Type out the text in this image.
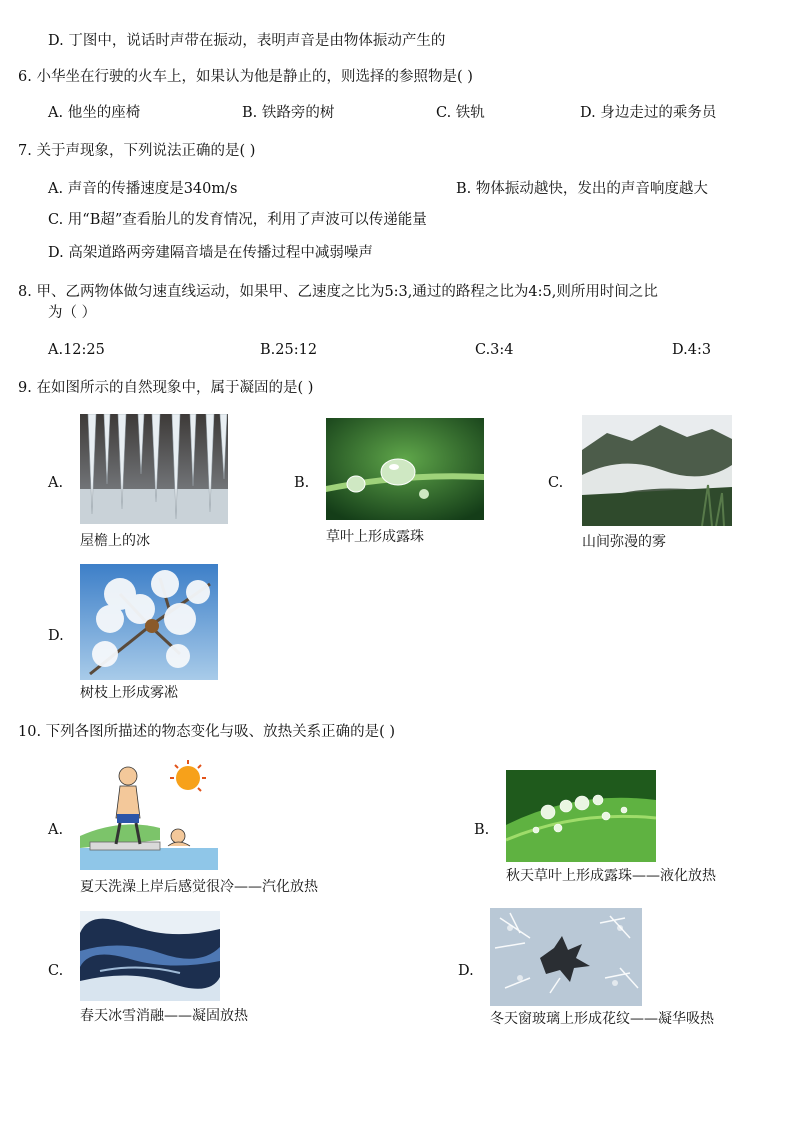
D. 丁图中，说话时声带在振动，表明声音是由物体振动产生的
6. 小华坐在行驶的火车上，如果认为他是静止的，则选择的参照物是( )
A. 他坐的座椅	B. 铁路旁的树	C. 铁轨	D. 身边走过的乘务员
7. 关于声现象，下列说法正确的是( )
A. 声音的传播速度是340m/s	B. 物体振动越快，发出的声音响度越大
C. 用“B超”查看胎儿的发育情况，利用了声波可以传递能量
D. 高架道路两旁建隔音墙是在传播过程中减弱噪声
8. 甲、乙两物体做匀速直线运动，如果甲、乙速度之比为5:3,通过的路程之比为4:5,则所用时间之比
为（ ）
A.12:25	B.25:12	C.3:4	D.4:3
9. 在如图所示的自然现象中，属于凝固的是( )
A.
屋檐上的冰
B.
草叶上形成露珠
C.
山间弥漫的雾
D.
树枝上形成雾凇
10. 下列各图所描述的物态变化与吸、放热关系正确的是( )
A.
夏天洗澡上岸后感觉很冷——汽化放热
B.
秋天草叶上形成露珠——液化放热
C.
春天冰雪消融——凝固放热
D.
冬天窗玻璃上形成花纹——凝华吸热
